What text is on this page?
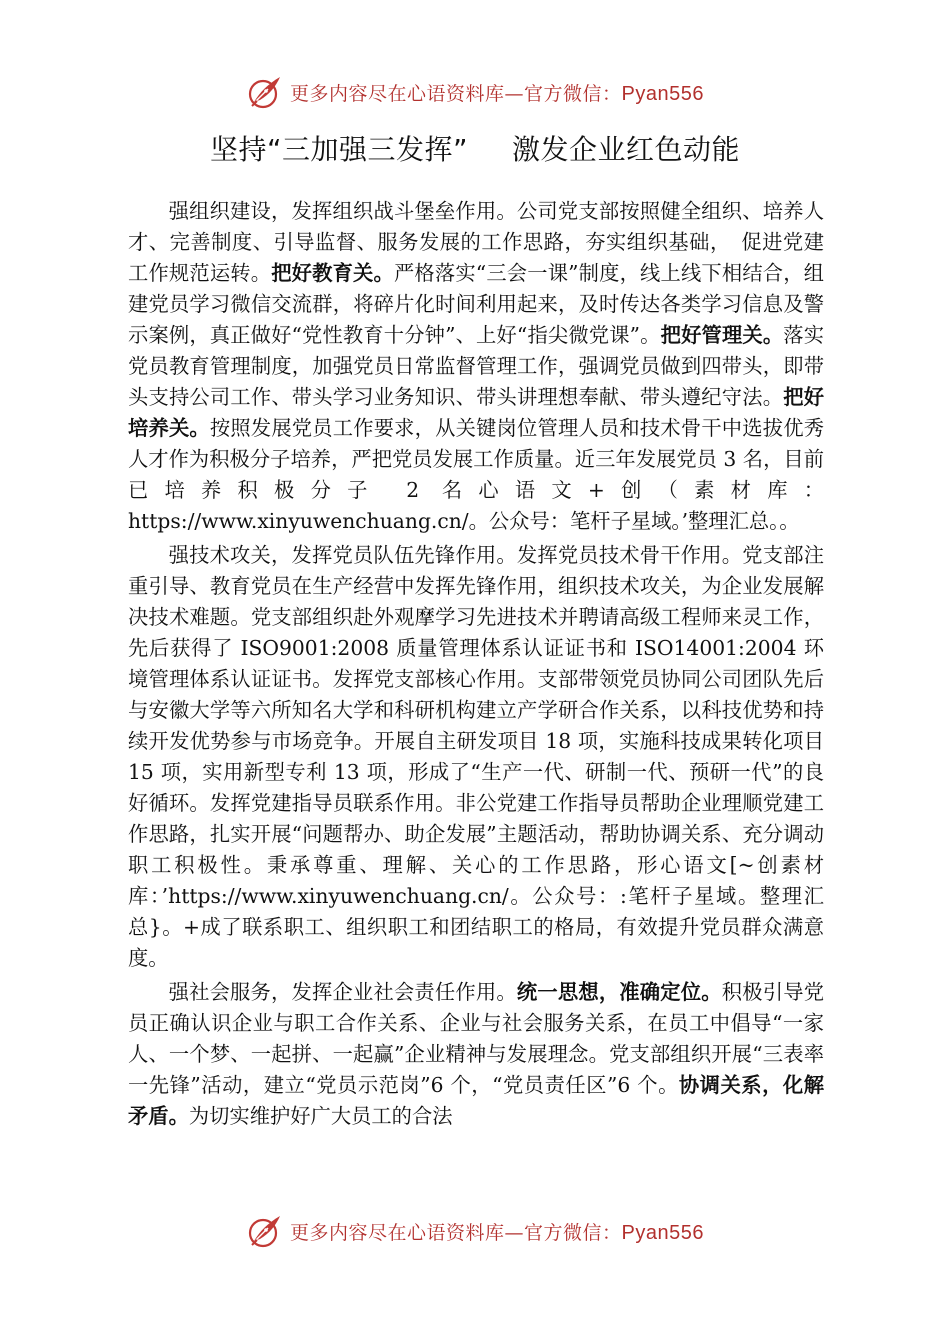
更多内容尽在心语资料库—官方微信：Pyan556
坚持“三加强三发挥” 激发企业红色动能

强组织建设，发挥组织战斗堡垒作用。公司党支部按照健全组织、培养人才、完善制度、引导监督、服务发展的工作思路，夯实组织基础，　促进党建工作规范运转。把好教育关。严格落实“三会一课”制度，线上线下相结合，组建党员学习微信交流群，将碎片化时间利用起来，及时传达各类学习信息及警示案例，真正做好“党性教育十分钟”、上好“指尖微党课”。把好管理关。落实党员教育管理制度，加强党员日常监督管理工作，强调党员做到四带头，即带头支持公司工作、带头学习业务知识、带头讲理想奉献、带头遵纪守法。把好培养关。按照发展党员工作要求，从关键岗位管理人员和技术骨干中选拔优秀人才作为积极分子培养，严把党员发展工作质量。近三年发展党员 3 名，目前已培养积极分子 2 名心语文+创（素材库：https://www.xinyuwenchuang.cn/。公众号：笔杆子星域。’整理汇总。。

强技术攻关，发挥党员队伍先锋作用。发挥党员技术骨干作用。党支部注重引导、教育党员在生产经营中发挥先锋作用，组织技术攻关，为企业发展解决技术难题。党支部组织赴外观摩学习先进技术并聘请高级工程师来灵工作，先后获得了 ISO9001:2008 质量管理体系认证证书和 ISO14001:2004 环境管理体系认证证书。发挥党支部核心作用。支部带领党员协同公司团队先后与安徽大学等六所知名大学和科研机构建立产学研合作关系，以科技优势和持续开发优势参与市场竞争。开展自主研发项目 18 项，实施科技成果转化项目 15 项，实用新型专利 13 项，形成了“生产一代、研制一代、预研一代”的良好循环。发挥党建指导员联系作用。非公党建工作指导员帮助企业理顺党建工作思路，扎实开展“问题帮办、助企发展”主题活动，帮助协调关系、充分调动职工积极性。秉承尊重、理解、关心的工作思路，形心语文[~创素材库：’https://www.xinyuwenchuang.cn/。公众号：:笔杆子星域。整理汇总}。+成了联系职工、组织职工和团结职工的格局，有效提升党员群众满意度。

强社会服务，发挥企业社会责任作用。统一思想，准确定位。积极引导党员正确认识企业与职工合作关系、企业与社会服务关系，在员工中倡导“一家人、一个梦、一起拼、一起赢”企业精神与发展理念。党支部组织开展“三表率一先锋”活动，建立“党员示范岗”6 个，“党员责任区”6 个。协调关系，化解矛盾。为切实维护好广大员工的合法

更多内容尽在心语资料库—官方微信：Pyan556
